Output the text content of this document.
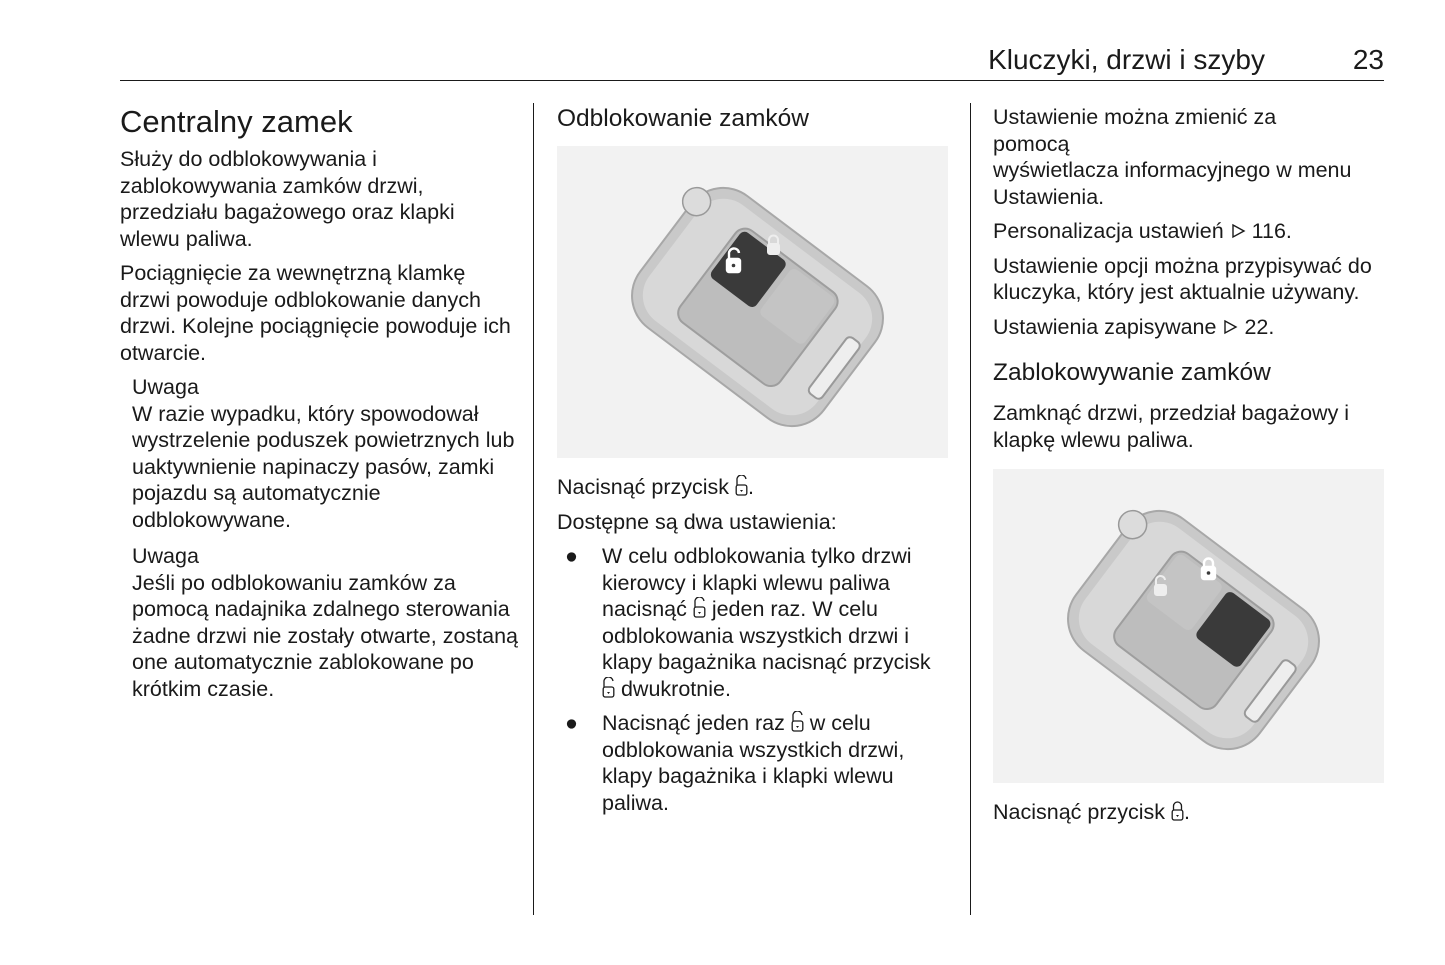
Kluczyki, drzwi i szyby	23
Centralny zamek

Służy do odblokowywania i zablokowywania zamków drzwi, przedziału bagażowego oraz klapki wlewu paliwa.

Pociągnięcie za wewnętrzną klamkę drzwi powoduje odblokowanie danych drzwi. Kolejne pociągnięcie powoduje ich otwarcie.

Uwaga

W razie wypadku, który spowodował wystrzelenie poduszek powietrznych lub uaktywnienie napinaczy pasów, zamki pojazdu są automatycznie odblokowywane.

Uwaga

Jeśli po odblokowaniu zamków za pomocą nadajnika zdalnego sterowania żadne drzwi nie zostały otwarte, zostaną one automatycznie zablokowane po krótkim czasie.

Odblokowanie zamków

Nacisnąć przycisk .

Dostępne są dwa ustawienia:

● W celu odblokowania tylko drzwi kierowcy i klapki wlewu paliwa nacisnąć  jeden raz. W celu odblokowania wszystkich drzwi i klapy bagażnika nacisnąć przycisk  dwukrotnie.
● Nacisnąć jeden raz  w celu odblokowania wszystkich drzwi, klapy bagażnika i klapki wlewu paliwa.

Ustawienie można zmienić za
pomocą
wyświetlacza informacyjnego w menu Ustawienia.

Personalizacja ustawień  116.

Ustawienie opcji można przypisywać do kluczyka, który jest aktualnie używany.

Ustawienia zapisywane  22.

Zablokowywanie zamków

Zamknąć drzwi, przedział bagażowy i klapkę wlewu paliwa.

Nacisnąć przycisk .
